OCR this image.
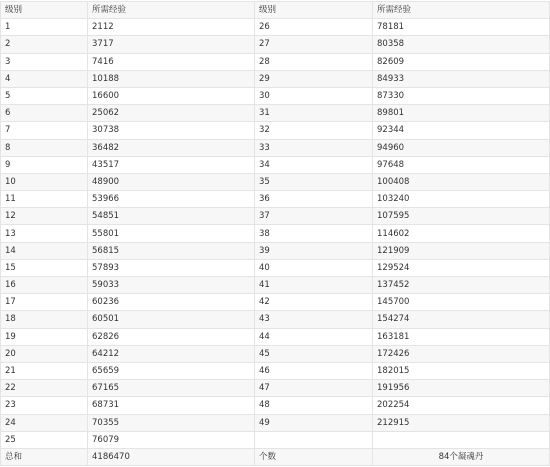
级别	所需经验	级别	所需经验
1	2112	26	78181
2	3717	27	80358
3	7416	28	82609
4	10188	29	84933
5	16600	30	87330
6	25062	31	89801
7	30738	32	92344
8	36482	33	94960
9	43517	34	97648
10	48900	35	100408
11	53966	36	103240
12	54851	37	107595
13	55801	38	114602
14	56815	39	121909
15	57893	40	129524
16	59033	41	137452
17	60236	42	145700
18	60501	43	154274
19	62826	44	163181
20	64212	45	172426
21	65659	46	182015
22	67165	47	191956
23	68731	48	202254
24	70355	49	212915
25	76079		
总和	4186470	个数	84个凝魂丹
